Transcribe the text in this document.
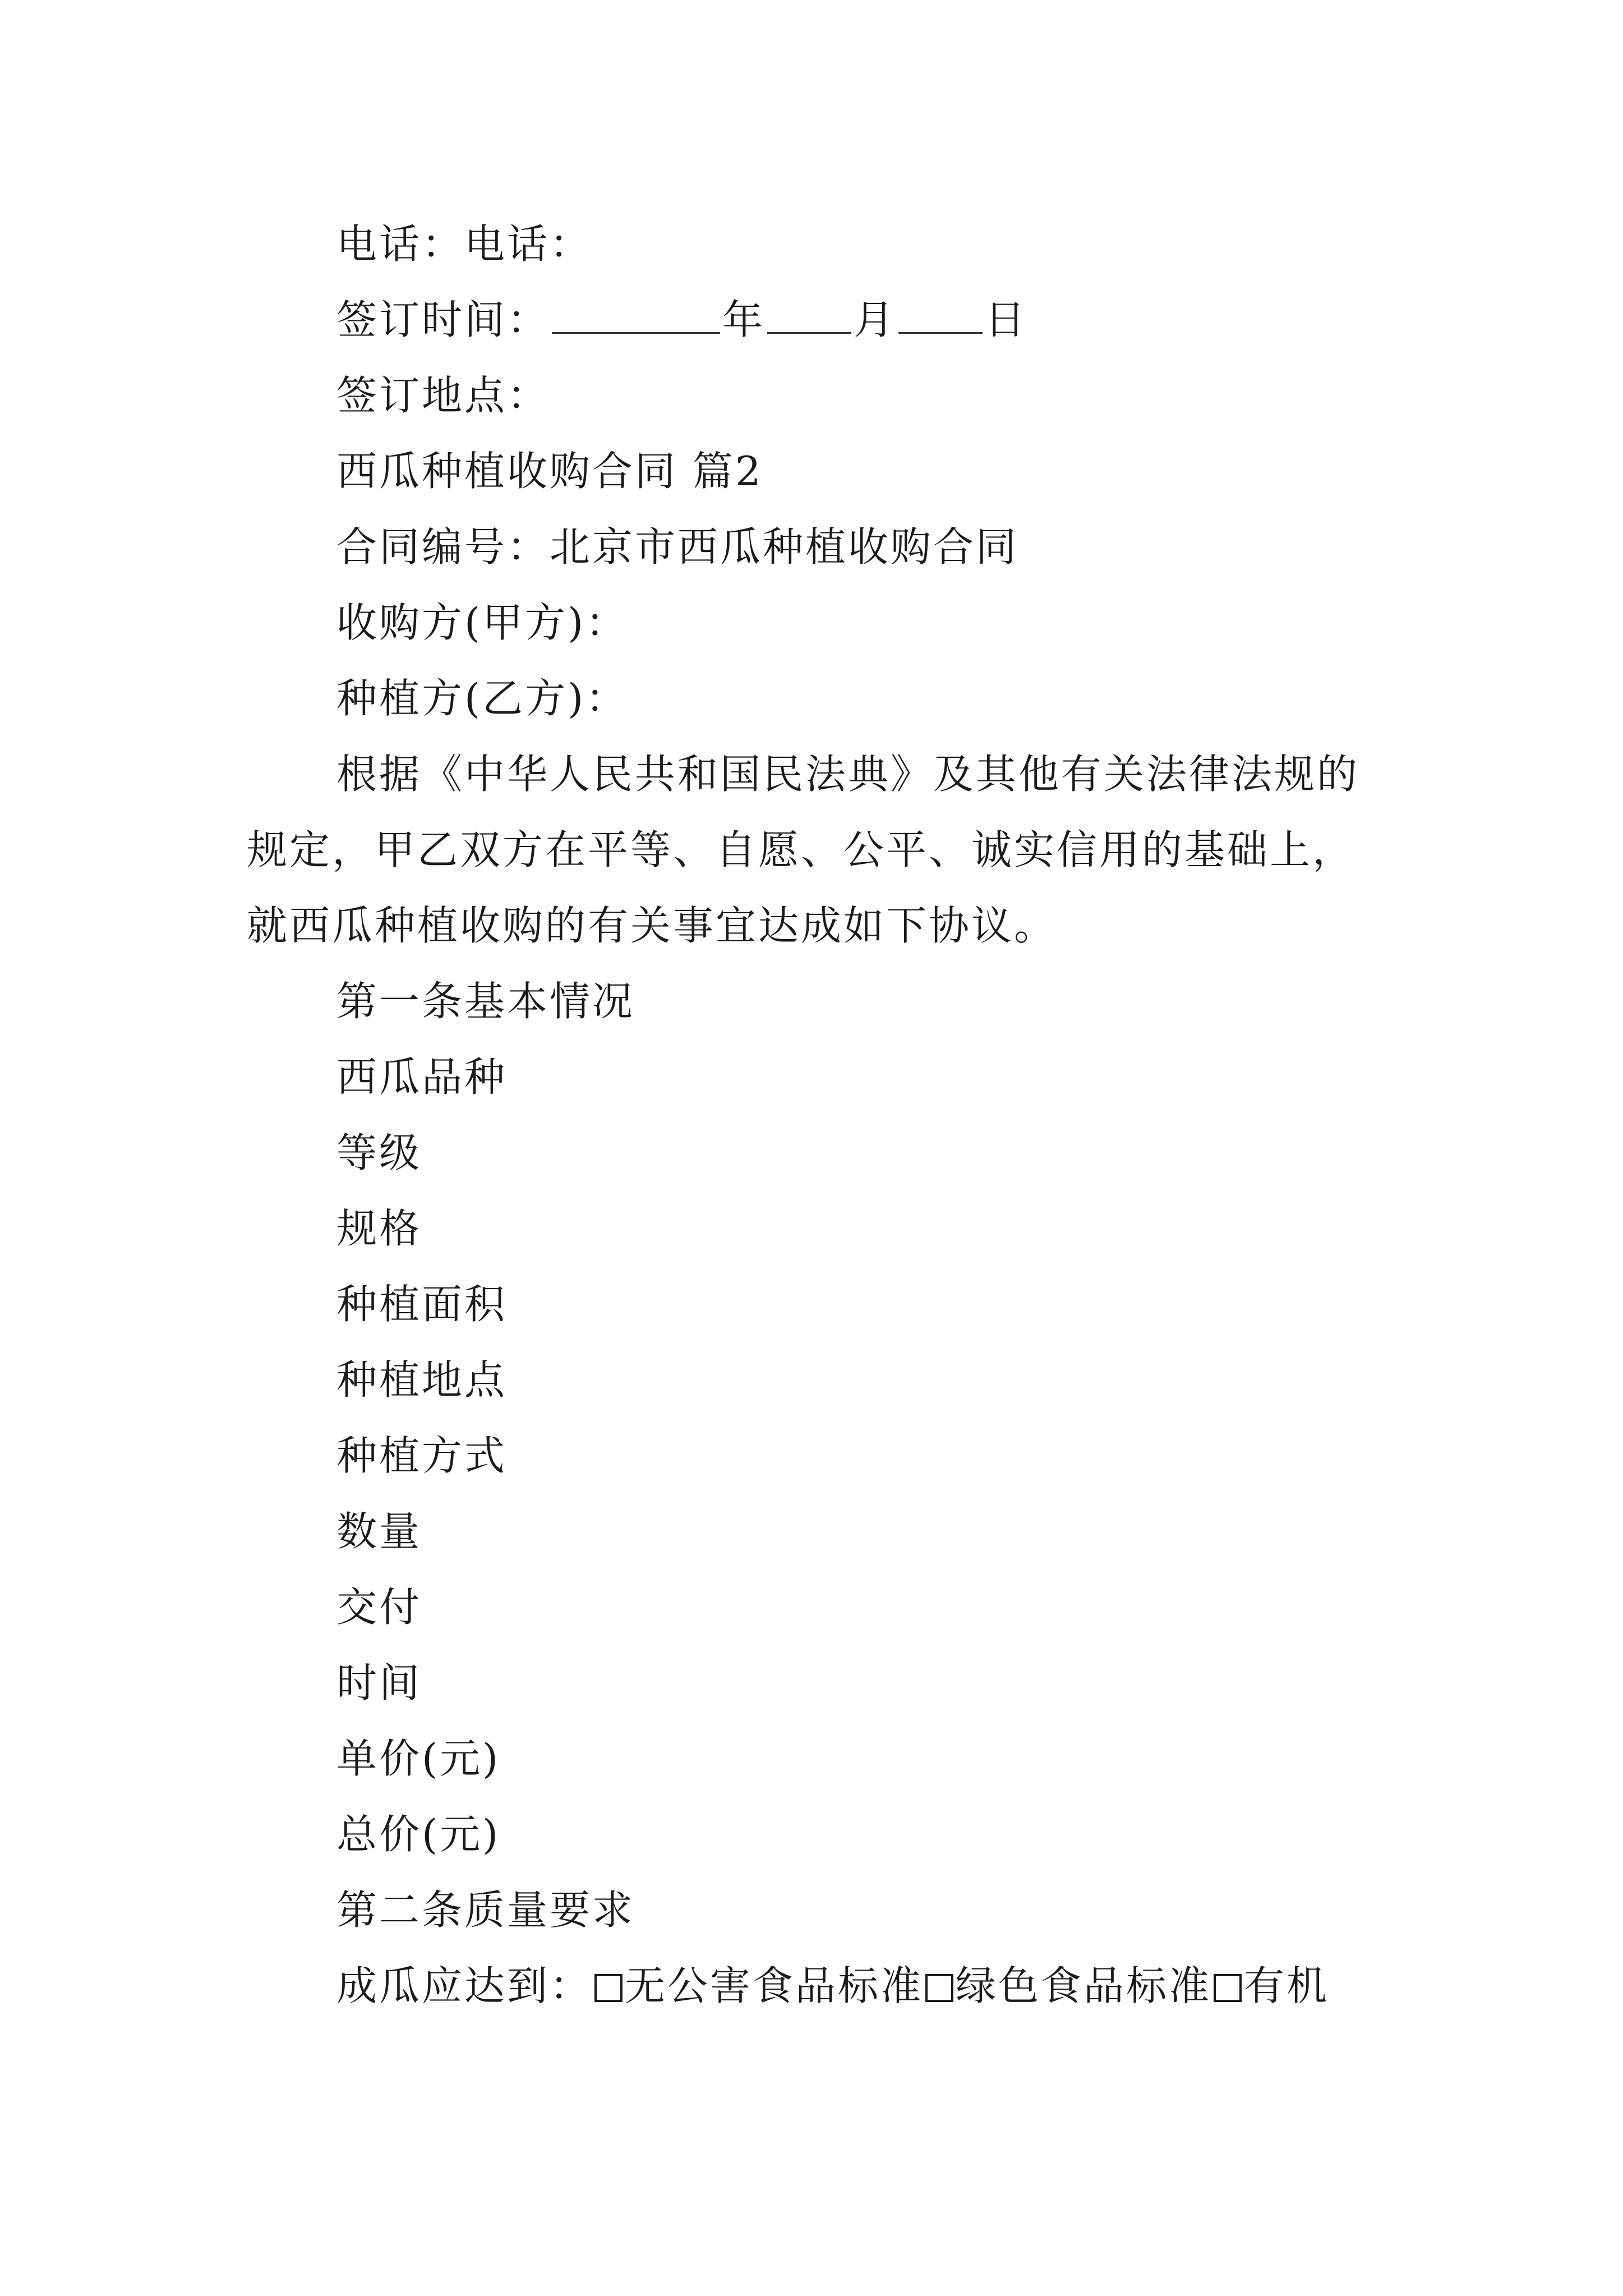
电话：电话：
签订时间：	年 月 日
签订地点：
西瓜种植收购合同 篇2
合同编号：北京市西瓜种植收购合同
收购方(甲方)：
种植方(乙方)：
根据《中华人民共和国民法典》及其他有关法律法规的
规定，甲乙双方在平等、自愿、公平、诚实信用的基础上，
就西瓜种植收购的有关事宜达成如下协议。
第一条基本情况
西瓜品种
等级
规格
种植面积
种植地点
种植方式
数量
交付
时间
单价(元)
总价(元)
第二条质量要求
成瓜应达到： 无公害食品标准 绿色食品标准 有机
